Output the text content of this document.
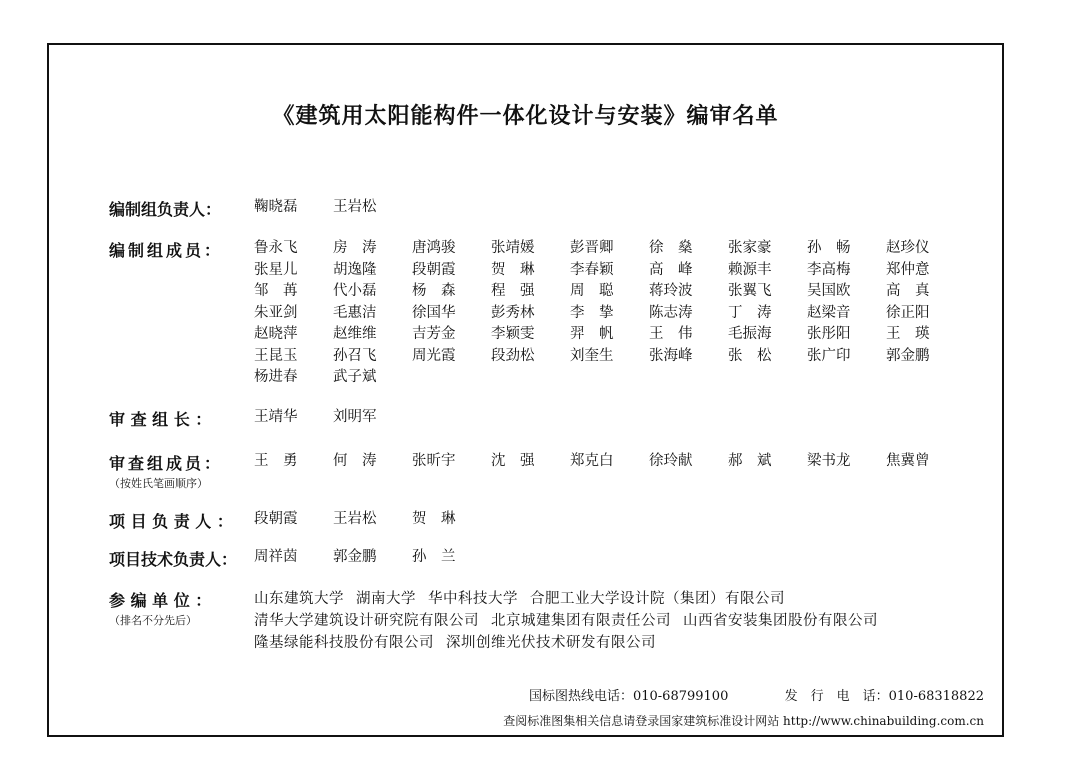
《建筑用太阳能构件一体化设计与安装》编审名单
编制组负责人：	鞠晓磊	王岩松
编制组成员：	鲁永飞	房　涛	唐鸿骏	张靖媛	彭晋卿	徐　燊	张家豪	孙　畅	赵珍仪
张星儿	胡逸隆	段朝霞	贺　琳	李春颖	高　峰	赖源丰	李高梅	郑仲意
邹　苒	代小磊	杨　森	程　强	周　聪	蒋玲波	张翼飞	吴国欧	高　真
朱亚剑	毛惠洁	徐国华	彭秀林	李　挚	陈志涛	丁　涛	赵梁音	徐正阳
赵晓萍	赵维维	吉芳金	李颖雯	羿　帆	王　伟	毛振海	张彤阳	王　瑛
王昆玉	孙召飞	周光霞	段劲松	刘奎生	张海峰	张　松	张广印	郭金鹏
杨进春	武子斌
审 查 组 长 ：	王靖华	刘明军
审查组成员：
（按姓氏笔画顺序）
王　勇	何　涛	张昕宇	沈　强	郑克白	徐玲献	郝　斌	梁书龙	焦冀曾
项 目 负 责 人 ：	段朝霞	王岩松	贺　琳
项目技术负责人：	周祥茵	郭金鹏	孙　兰
参 编 单 位 ：
（排名不分先后）
山东建筑大学 湖南大学 华中科技大学 合肥工业大学设计院（集团）有限公司
清华大学建筑设计研究院有限公司 北京城建集团有限责任公司 山西省安装集团股份有限公司
隆基绿能科技股份有限公司 深圳创维光伏技术研发有限公司
国标图热线电话：010-68799100	发　行　电　话：010-68318822
查阅标准图集相关信息请登录国家建筑标准设计网站 http://www.chinabuilding.com.cn
